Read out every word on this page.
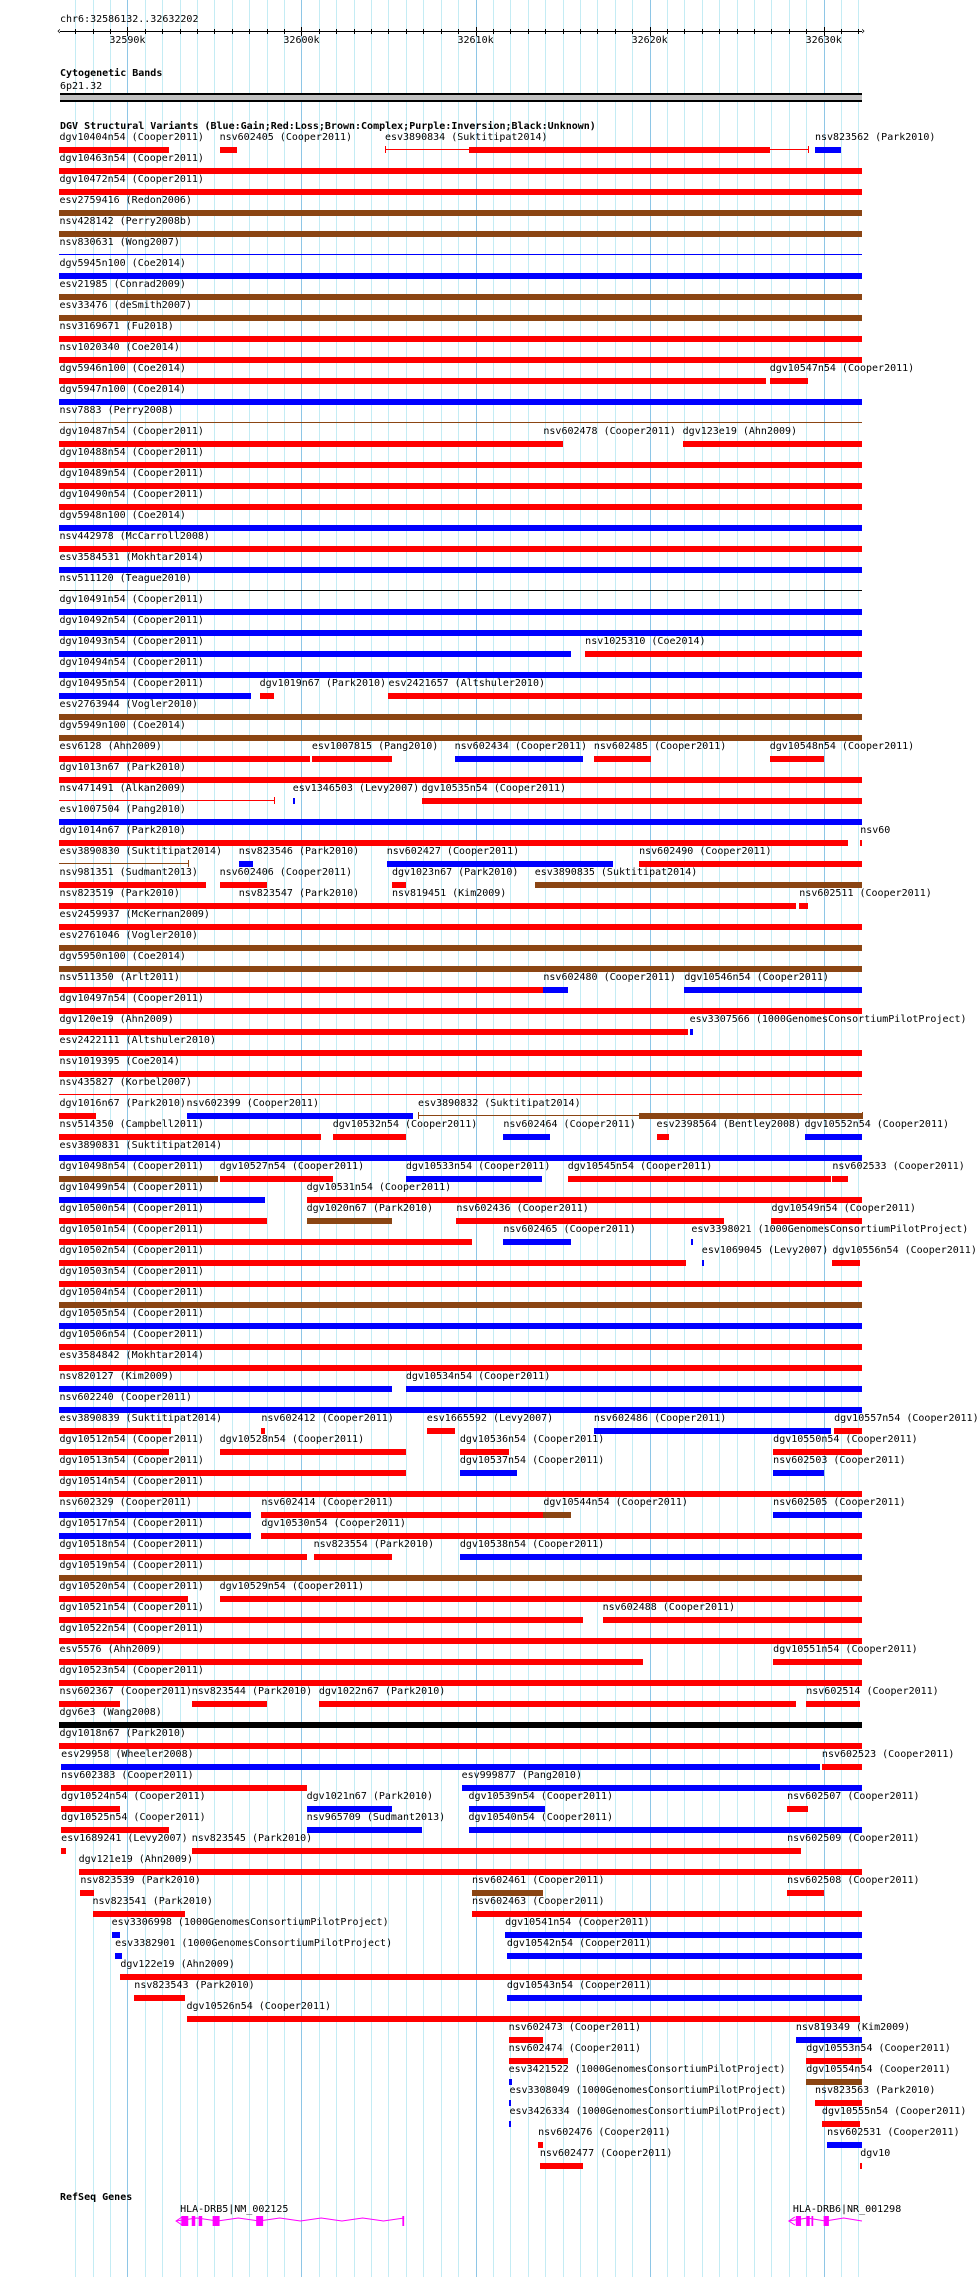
chr6:32586132..32632202
‹	›
32590k	32600k	32610k	32620k	32630k
Cytogenetic Bands
6p21.32
DGV Structural Variants (Blue:Gain;Red:Loss;Brown:Complex;Purple:Inversion;Black:Unknown)
dgv10404n54 (Cooper2011) nsv602405 (Cooper2011)	esv3890834 (Suktitipat2014)	nsv823562 (Park2010)
dgv10463n54 (Cooper2011)
dgv10472n54 (Cooper2011)
esv2759416 (Redon2006)
nsv428142 (Perry2008b)
nsv830631 (Wong2007)
dgv5945n100 (Coe2014)
esv21985 (Conrad2009)
esv33476 (deSmith2007)
nsv3169671 (Fu2018)
nsv1020340 (Coe2014)
dgv5946n100 (Coe2014)	dgv10547n54 (Cooper2011)
dgv5947n100 (Coe2014)
nsv7883 (Perry2008)
dgv10487n54 (Cooper2011)	nsv602478 (Cooper2011) dgv123e19 (Ahn2009)
dgv10488n54 (Cooper2011)
dgv10489n54 (Cooper2011)
dgv10490n54 (Cooper2011)
dgv5948n100 (Coe2014)
nsv442978 (McCarroll2008)
esv3584531 (Mokhtar2014)
nsv511120 (Teague2010)
dgv10491n54 (Cooper2011)
dgv10492n54 (Cooper2011)
dgv10493n54 (Cooper2011)	nsv1025310 (Coe2014)
dgv10494n54 (Cooper2011)
dgv10495n54 (Cooper2011)	dgv1019n67 (Park2010) esv2421657 (Altshuler2010)
esv2763944 (Vogler2010)
dgv5949n100 (Coe2014)
esv6128 (Ahn2009)	esv1007815 (Pang2010) nsv602434 (Cooper2011) nsv602485 (Cooper2011)	dgv10548n54 (Cooper2011)
dgv1013n67 (Park2010)
nsv471491 (Alkan2009)	esv1346503 (Levy2007) dgv10535n54 (Cooper2011)
esv1007504 (Pang2010)
dgv1014n67 (Park2010)	nsv60
esv3890830 (Suktitipat2014) nsv823546 (Park2010)	nsv602427 (Cooper2011)	nsv602490 (Cooper2011)
nsv981351 (Sudmant2013) nsv602406 (Cooper2011)	dgv1023n67 (Park2010) esv3890835 (Suktitipat2014)
nsv823519 (Park2010)	nsv823547 (Park2010)	nsv819451 (Kim2009)	nsv602511 (Cooper2011)
esv2459937 (McKernan2009)
esv2761046 (Vogler2010)
dgv5950n100 (Coe2014)
nsv511350 (Arlt2011)	nsv602480 (Cooper2011) dgv10546n54 (Cooper2011)
dgv10497n54 (Cooper2011)
dgv120e19 (Ahn2009)	esv3307566 (1000GenomesConsortiumPilotProject)
esv2422111 (Altshuler2010)
nsv1019395 (Coe2014)
nsv435827 (Korbel2007)
dgv1016n67 (Park2010) nsv602399 (Cooper2011)	esv3890832 (Suktitipat2014)
nsv514350 (Campbell2011)	dgv10532n54 (Cooper2011)	nsv602464 (Cooper2011) esv2398564 (Bentley2008) dgv10552n54 (Cooper2011)
esv3890831 (Suktitipat2014)
dgv10498n54 (Cooper2011) dgv10527n54 (Cooper2011)	dgv10533n54 (Cooper2011) dgv10545n54 (Cooper2011)	nsv602533 (Cooper2011)
dgv10499n54 (Cooper2011)	dgv10531n54 (Cooper2011)
dgv10500n54 (Cooper2011)	dgv1020n67 (Park2010) nsv602436 (Cooper2011)	dgv10549n54 (Cooper2011)
dgv10501n54 (Cooper2011)	nsv602465 (Cooper2011)	esv3398021 (1000GenomesConsortiumPilotProject)
dgv10502n54 (Cooper2011)	esv1069045 (Levy2007) dgv10556n54 (Cooper2011)
dgv10503n54 (Cooper2011)
dgv10504n54 (Cooper2011)
dgv10505n54 (Cooper2011)
dgv10506n54 (Cooper2011)
esv3584842 (Mokhtar2014)
nsv820127 (Kim2009)	dgv10534n54 (Cooper2011)
nsv602240 (Cooper2011)
esv3890839 (Suktitipat2014)	nsv602412 (Cooper2011)	esv1665592 (Levy2007)	nsv602486 (Cooper2011)	dgv10557n54 (Cooper2011)
dgv10512n54 (Cooper2011) dgv10528n54 (Cooper2011)	dgv10536n54 (Cooper2011)	dgv10550n54 (Cooper2011)
dgv10513n54 (Cooper2011)	dgv10537n54 (Cooper2011)	nsv602503 (Cooper2011)
dgv10514n54 (Cooper2011)
nsv602329 (Cooper2011)	nsv602414 (Cooper2011)	dgv10544n54 (Cooper2011)	nsv602505 (Cooper2011)
dgv10517n54 (Cooper2011)	dgv10530n54 (Cooper2011)
dgv10518n54 (Cooper2011)	nsv823554 (Park2010)	dgv10538n54 (Cooper2011)
dgv10519n54 (Cooper2011)
dgv10520n54 (Cooper2011) dgv10529n54 (Cooper2011)
dgv10521n54 (Cooper2011)	nsv602488 (Cooper2011)
dgv10522n54 (Cooper2011)
esv5576 (Ahn2009)	dgv10551n54 (Cooper2011)
dgv10523n54 (Cooper2011)
nsv602367 (Cooper2011) nsv823544 (Park2010) dgv1022n67 (Park2010)	nsv602514 (Cooper2011)
dgv6e3 (Wang2008)
dgv1018n67 (Park2010)
esv29958 (Wheeler2008)	nsv602523 (Cooper2011)
nsv602383 (Cooper2011)	esv999877 (Pang2010)
dgv10524n54 (Cooper2011)	dgv1021n67 (Park2010)	dgv10539n54 (Cooper2011)	nsv602507 (Cooper2011)
dgv10525n54 (Cooper2011)	nsv965709 (Sudmant2013) dgv10540n54 (Cooper2011)
esv1689241 (Levy2007) nsv823545 (Park2010)	nsv602509 (Cooper2011)
dgv121e19 (Ahn2009)
nsv823539 (Park2010)	nsv602461 (Cooper2011)	nsv602508 (Cooper2011)
nsv823541 (Park2010)	nsv602463 (Cooper2011)
esv3306998 (1000GenomesConsortiumPilotProject)	dgv10541n54 (Cooper2011)
esv3382901 (1000GenomesConsortiumPilotProject)	dgv10542n54 (Cooper2011)
dgv122e19 (Ahn2009)
nsv823543 (Park2010)	dgv10543n54 (Cooper2011)
dgv10526n54 (Cooper2011)
nsv602473 (Cooper2011)	nsv819349 (Kim2009)
nsv602474 (Cooper2011)	dgv10553n54 (Cooper2011)
esv3421522 (1000GenomesConsortiumPilotProject) dgv10554n54 (Cooper2011)
esv3308049 (1000GenomesConsortiumPilotProject)	nsv823563 (Park2010)
esv3426334 (1000GenomesConsortiumPilotProject)	dgv10555n54 (Cooper2011)
nsv602476 (Cooper2011)	nsv602531 (Cooper2011)
nsv602477 (Cooper2011)	dgv10
RefSeq Genes
HLA-DRB5|NM_002125	HLA-DRB6|NR_001298
